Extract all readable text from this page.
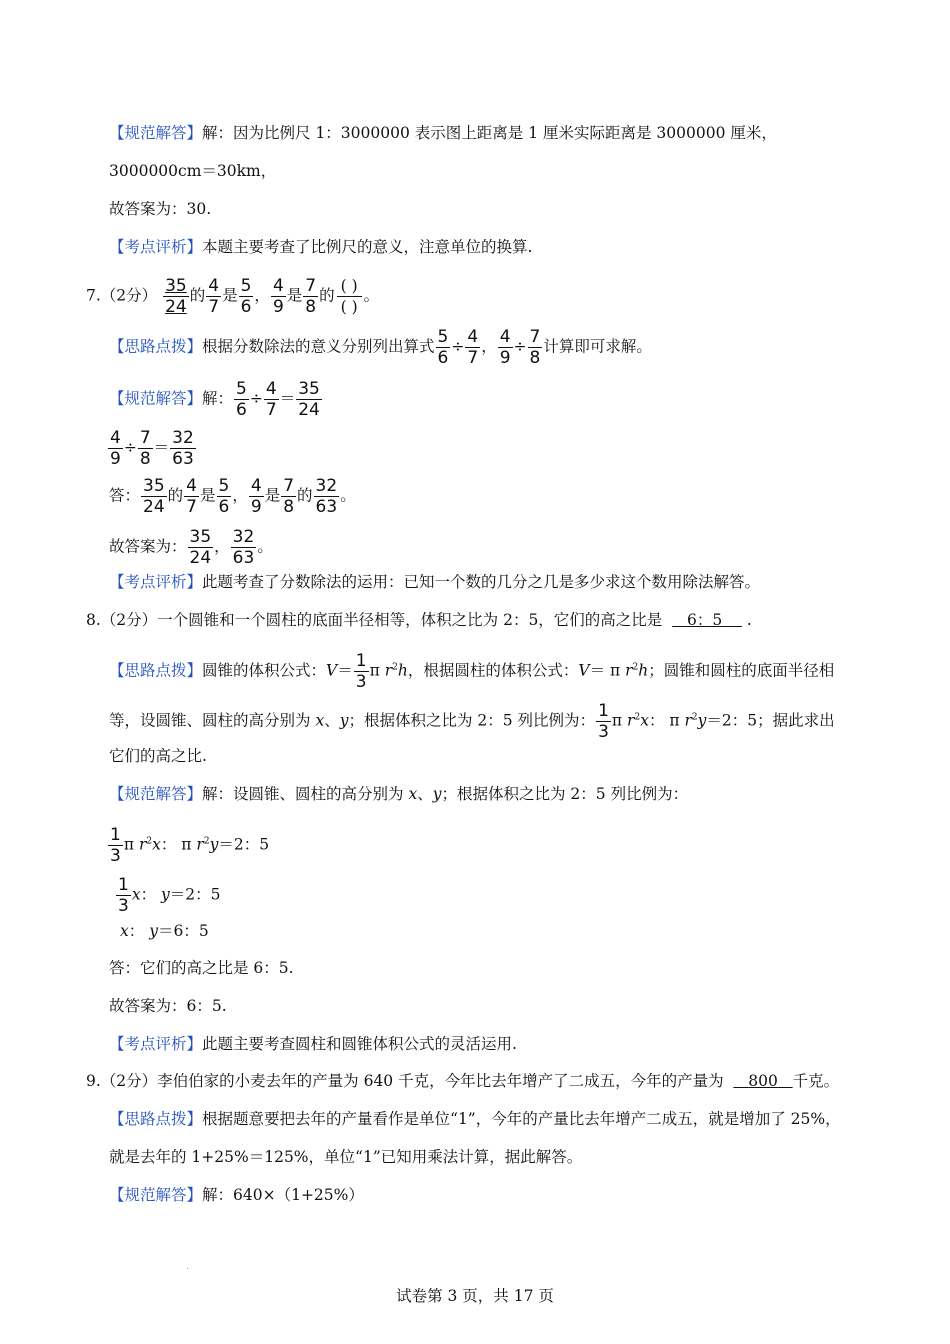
【规范解答】解：因为比例尺 1：3000000 表示图上距离是 1 厘米实际距离是 3000000 厘米，
3000000cm＝30km，
故答案为：30.
【考点评析】本题主要考查了比例尺的意义，注意单位的换算.
7.（2分） $\frac{35}{24}$ 的 $\frac{4}{7}$ 是 $\frac{5}{6}$ ， $\frac{4}{9}$ 是 $\frac{7}{8}$ 的
( )
( )
。
【思路点拨】根据分数除法的意义分别列出算式 $\frac{5}{6} \div \frac{4}{7}$ ， $\frac{4}{9} \div \frac{7}{8}$ 计算即可求解。
【规范解答】解： $\frac{5}{6} \div \frac{4}{7} = \frac{35}{24}$
$\frac{4}{9} \div \frac{7}{8} = \frac{32}{63}$
答： $\frac{35}{24}$ 的 $\frac{4}{7}$ 是 $\frac{5}{6}$ ， $\frac{4}{9}$ 是 $\frac{7}{8}$ 的 $\frac{32}{63}$ 。
故答案为： $\frac{35}{24}$ ， $\frac{32}{63}$ 。
【考点评析】此题考查了分数除法的运用：已知一个数的几分之几是多少求这个数用除法解答。
8.（2分）一个圆锥和一个圆柱的底面半径相等，体积之比为 2：5，它们的高之比是 6：5 .
【思路点拨】圆锥的体积公式：$V= \frac{1}{3}$ π $r^2h$，根据圆柱的体积公式：V＝ π $r^2h$；圆锥和圆柱的底面半径相
等，设圆锥、圆柱的高分别为 x、y；根据体积之比为 2：5 列比例为： $\frac{1}{3}$ π $r^2x$： π $r^2y=2$：5；据此求出
它们的高之比.
【规范解答】解：设圆锥、圆柱的高分别为 x、y；根据体积之比为 2：5 列比例为：
$\frac{1}{3}$ π $r^2x$： π $r^2y=2$：5
$\frac{1}{3}$ x： y＝2：5
x： y＝6：5
答：它们的高之比是 6：5.
故答案为：6：5.
【考点评析】此题主要考查圆柱和圆锥体积公式的灵活运用.
9.（2分）李伯伯家的小麦去年的产量为 640 千克，今年比去年增产了二成五，今年的产量为 800 千克。
【思路点拨】根据题意要把去年的产量看作是单位“1”，今年的产量比去年增产二成五，就是增加了 25%，
就是去年的 1+25%＝125%，单位“1”已知用乘法计算，据此解答。
【规范解答】解：640×（1+25%）
试卷第 3 页，共 17 页
